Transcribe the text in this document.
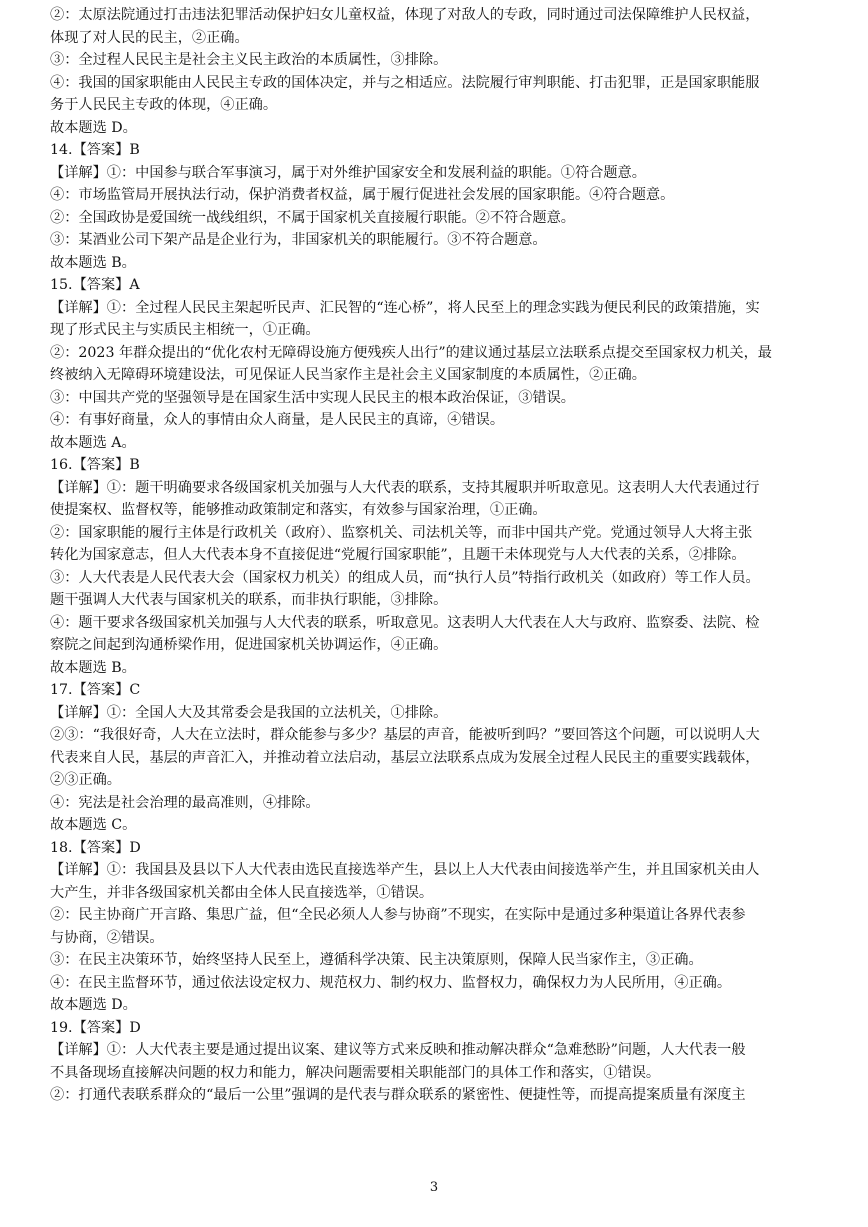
②：太原法院通过打击违法犯罪活动保护妇女儿童权益，体现了对敌人的专政，同时通过司法保障维护人民权益，
体现了对人民的民主，②正确。
③：全过程人民民主是社会主义民主政治的本质属性，③排除。
④：我国的国家职能由人民民主专政的国体决定，并与之相适应。法院履行审判职能、打击犯罪，正是国家职能服
务于人民民主专政的体现，④正确。
故本题选 D。
14.【答案】B
【详解】①：中国参与联合军事演习，属于对外维护国家安全和发展利益的职能。①符合题意。
④：市场监管局开展执法行动，保护消费者权益，属于履行促进社会发展的国家职能。④符合题意。
②：全国政协是爱国统一战线组织，不属于国家机关直接履行职能。②不符合题意。
③：某酒业公司下架产品是企业行为，非国家机关的职能履行。③不符合题意。
故本题选 B。
15.【答案】A
【详解】①：全过程人民民主架起听民声、汇民智的“连心桥”，将人民至上的理念实践为便民利民的政策措施，实
现了形式民主与实质民主相统一，①正确。
②：2023 年群众提出的“优化农村无障碍设施方便残疾人出行”的建议通过基层立法联系点提交至国家权力机关，最
终被纳入无障碍环境建设法，可见保证人民当家作主是社会主义国家制度的本质属性，②正确。
③：中国共产党的坚强领导是在国家生活中实现人民民主的根本政治保证，③错误。
④：有事好商量，众人的事情由众人商量，是人民民主的真谛，④错误。
故本题选 A。
16.【答案】B
【详解】①：题干明确要求各级国家机关加强与人大代表的联系，支持其履职并听取意见。这表明人大代表通过行
使提案权、监督权等，能够推动政策制定和落实，有效参与国家治理，①正确。
②：国家职能的履行主体是行政机关（政府）、监察机关、司法机关等，而非中国共产党。党通过领导人大将主张
转化为国家意志，但人大代表本身不直接促进“党履行国家职能”，且题干未体现党与人大代表的关系，②排除。
③：人大代表是人民代表大会（国家权力机关）的组成人员，而“执行人员”特指行政机关（如政府）等工作人员。
题干强调人大代表与国家机关的联系，而非执行职能，③排除。
④：题干要求各级国家机关加强与人大代表的联系，听取意见。这表明人大代表在人大与政府、监察委、法院、检
察院之间起到沟通桥梁作用，促进国家机关协调运作，④正确。
故本题选 B。
17.【答案】C
【详解】①：全国人大及其常委会是我国的立法机关，①排除。
②③：“我很好奇，人大在立法时，群众能参与多少？基层的声音，能被听到吗？”要回答这个问题，可以说明人大
代表来自人民，基层的声音汇入，并推动着立法启动，基层立法联系点成为发展全过程人民民主的重要实践载体，
②③正确。
④：宪法是社会治理的最高准则，④排除。
故本题选 C。
18.【答案】D
【详解】①：我国县及县以下人大代表由选民直接选举产生，县以上人大代表由间接选举产生，并且国家机关由人
大产生，并非各级国家机关都由全体人民直接选举，①错误。
②：民主协商广开言路、集思广益，但“全民必须人人参与协商”不现实，在实际中是通过多种渠道让各界代表参
与协商，②错误。
③：在民主决策环节，始终坚持人民至上，遵循科学决策、民主决策原则，保障人民当家作主，③正确。
④：在民主监督环节，通过依法设定权力、规范权力、制约权力、监督权力，确保权力为人民所用，④正确。
故本题选 D。
19.【答案】D
【详解】①：人大代表主要是通过提出议案、建议等方式来反映和推动解决群众“急难愁盼”问题，人大代表一般
不具备现场直接解决问题的权力和能力，解决问题需要相关职能部门的具体工作和落实，①错误。
②：打通代表联系群众的“最后一公里”强调的是代表与群众联系的紧密性、便捷性等，而提高提案质量有深度主
3
